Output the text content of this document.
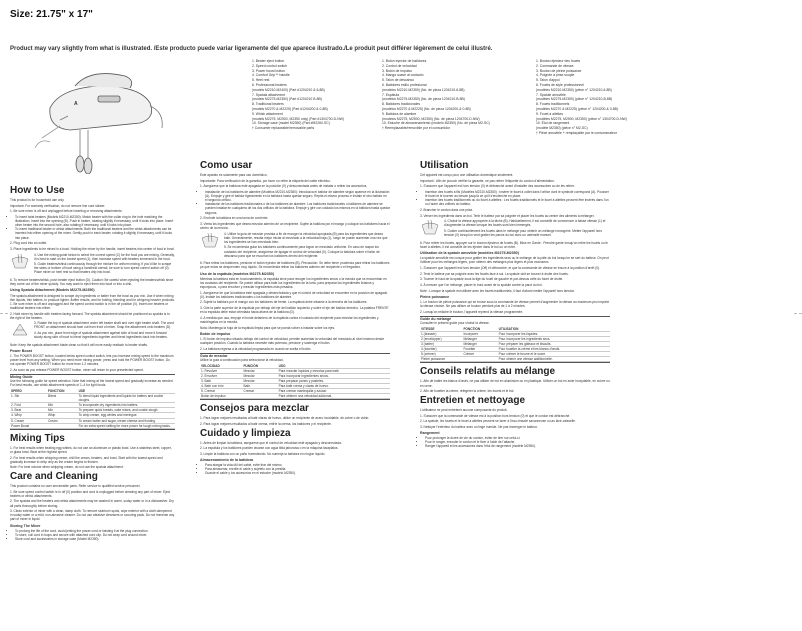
Size: 21.75" x 17"
Product may vary slightly from what is illustrated. /Este producto puede variar ligeramente del que aparece ilustrado./Le produit peut différer légèrement de celui illustré.
1. Beater eject button
2. Speed control switch
3. Power boost button
4. Comfort Grip™ handle
5. Heel rest
6. Professional beaters
(models M2210-M2400) (Part #1204210 & 6-8B)
7. Spatula attachment
(models M2275-M2350) (Part #1204210 B-8B)
8. Traditional beaters
(models M2270 & M2225) (Part #1204200 & 0-8B)
9. Whisk attachment
(models M2275, M2500, M2350 only) (Part #1304700-D-NW)
10. Storage case (model M2350) (Part #M2260-SC)
† Consumer replaceable/removable parts
1. Botón eyector de batidores
2. Control de velocidad
3. Botón de impulso
4. Mango suave al contacto
5. Talón de descanso
6. Batidores estilo profesional
(modelos M2210-M2350) (No. de pieza 1204210-6-8B)
7. Espátula
(modelos M2275-M2350) (No. de pieza 1204210-B-8B)
8. Batidores tradicionales
(modelos M2270 & M2225) (No. de pieza 1204200-& 0-8B)
9. Batidora de alambre
(modelos M2275, M2500, M2350) (No. de pieza 1204700-D-NW)
10. Estuche de almacenamiento (modelo M2350) (No. de pieza M2-SC)
† Reemplazable/removible por el consumidor
1. Bouton éjecteur des fouets
2. Commande de vitesse
3. Bouton de pleine puissance
4. Poignée à prise souple
5. Talon d'appui
6. Fouets de style professionnel
(modèles M2210-M2350) (pièce n° 1204210-6-8B)
7. Spatule amovible
(modèles M2275-M2350) (pièce n° 1204210-B-8B)
8. Fouets traditionnels
(modèles M2270 & M2225) (pièce n° 1204200-& 0-8B)
9. Fouet à ailettes
(modèles M2275, M2500, M2350) (pièce n° 1304700-D-NW)
10. Étui de rangement
(modèle M2350) (pièce n° M2-SC)
† Pièce amovible + remplaçable par le consommateur
A
How to Use

This product is for household use only.

Important: For warranty verification, do not remove line cord sticker.

1. Be sure mixer is off and unplugged before inserting or removing attachments.

• To insert twist beaters (Models M2210-M2350): Match beater with the collar ring to the hole matching the illustration. Insert into the opening (B). Push in beater, rotating slightly if necessary, until it locks into place. Insert other beater into the second hole, also rotating if necessary, until it locks into place.
• To insert traditional beater or whisk attachments: Both the traditional beaters and the whisk attachments can be inserted into either opening of the mixer. Gently push in each beater, rotating it slightly if necessary, until it locks into place.

2. Plug cord into an outlet.

3. Place ingredients to be mixed in a bowl. Holding the mixer by the handle, insert beaters into center of food in bowl.

4. Use the mixing guide below to select the correct speed (C) for the food you are mixing. Generally, it is best to start on the lowest speed (1), then increase speed with beaters immersed in the food.

5. Guide beaters/whisk continuously through the mixture for uniform mixing. If you'd like to scrape the sides or bottom of bowl using a handheld utensil, be sure to turn speed control switch off (0). Place mixer on heel rest so that beaters drip into bowl.

6. To remove beaters/whisk, push beater eject button (D). Caution: Be careful when ejecting the beaters/whisk since they come out of the mixer quickly. You may want to eject them into bowl or into a sink.

Using Spatula Attachment (Models M2275-M2350)

The spatula attachment is designed to scrape dry ingredients or batter from the bowl as you mix. Use it when mixing thin liquids, thin batters, to produce lighter, fluffier results, and for folding, blending and for whipping heavier products. 1. Be sure mixer is off and unplugged and the speed control switch is in the off position (0). Insert one beaters or traditional beaters into either.

2. Hold mixer by handle with beaters facing forward. The spatula attachment should be positioned so spatula is to the right of the beaters.

3. Rotate the top of spatula attachment under left beater shaft and over right beater shaft. The word FRONT on attachment should face out from front of mixer. Snap the attachment onto beaters (D).

4. As you mix, place front edge of spatula attachment against side of bowl and move it forward slowly along side of bowl to blend ingredients together and blend ingredients back into beaters.

Note: Keep the spatula attachment blade clean so that it will more easily reattach to beater shafts.

Power Boost

1. The POWER BOOST button, located below speed control switch, lets you increase mixing speed to the maximum power level from any setting. When you need more mixing power, press and hold the POWER BOOST button. Do not operate POWER BOOST button for more than 1-2 minutes.

2. As soon as you release POWER BOOST button, mixer will return to your preselected speed.

Mixing Guide

Use the following guide for speed selection. Note that mixing at the lowest speed and gradually increase as needed. For best results, use whisk attachment speeds of 1–4 for light foods.

SPEED	FUNCTION	USE
1. Stir	Blend	To blend liquid ingredients and liquids for batters and cookie doughs.
2. Fold	Mix	To incorporate dry ingredients into batters.
3. Beat	Mix	To prepare quick breads, cake mixes, and cookie dough.
4. Whip	Whip	To whip cream, egg whites and meringue.
5. Cream	Cream	To cream butter and sugar, cream cheese and frosting.
Power Boost	For an extra speed setting for more power for tough mixing tasks.
Mixing Tips

1. For best results when beating egg whites, do not use an aluminum or plastic bowl. Use a stainless steel, copper, or glass bowl. Beat at the highest speed.

2. For best results when whipping cream, chill the cream, beaters, and bowl. Start with the lowest speed and gradually increase to whip only as the cream begins to thicken.

Note: For best volume when whipping cream, do not use the spatula attachment.

Care and Cleaning

This product contains no user serviceable parts. Refer service to qualified service personnel.

1. Be sure speed control switch is in off (0) position and cord is unplugged before cleaning any part of mixer. Eject beaters or whisk attachments.

2. The spatula and the beaters and whisk attachments may be washed in warm, sudsy water or in a dishwasher. Dry all parts thoroughly before storing.

3. Clean exterior of mixer with a clean, damp cloth. To remove stubborn spots, wipe exterior with a cloth dampened in sudsy water or a mild, non-abrasive cleaner. Do not use abrasive cleansers or scouring pads. Do not immerse any part of mixer in liquid.

Storing The Mixer
• To prolong the life of the cord, avoid jerking the power cord or twisting it at the plug connection.
• To store, coil cord in loops and secure with attached cord clip. Do not wrap cord around mixer.
• Store cord and accessories in storage case (Model M2350).
Como usar

Este aparato es solamente para uso doméstico.

Importante: Para verificación de la garantía, por favor no retire la etiqueta del cable eléctrico.

1. Asegúrese que la batidora esté apagada en la posición (0) y desconectada antes de instalar o retirar los accesorios.

• Instalación de los batidores de alambre (Modelos M2210-M2350): Introduzca el batidor de alambre según aparece en la ilustración (A). Empuje y gire el batidor ligeramente en la batidora hasta quedar seguro. Repita el mismo proceso e instale el otro batidor en el segundo orificio.
• Instalación de los batidores tradicionales o de los batidores de alambre: Los batidores tradicionales o batidores de alambre se pueden instalar en cualquiera de los dos orificios de la batidora. Empuje y gire con cuidado los mismos en la batidora hasta quedar seguros.

2. Enchufe la batidora en una toma de corriente.

3. Vierta los ingredientes que desea mezclar adentro de un recipiente. Sujete la batidora por el mango y coloque los batidores hacia el centro de la mezcla.

4. Utilice la guía de mezclar provista a fin de escoger la velocidad apropiada (B) para los ingredientes que desea batir. Generalmente, resulta mejor iniciar al mezclado a la velocidad baja (1), luego se puede aumentar una vez que los ingredientes se han mezclado bien.

5. Se recomienda guiar los batidores continuamente para lograr un mezclado uniforme. En caso de raspar los costados del recipiente, asegúrese de apagar el control de velocidad (0). Coloque la batidora sobre el talón de descanso para que se escurran los batidores dentro del recipiente.

6. Para retirar los batidores, presione el botón eyector de batidores (B). Precaución: Se debe tener prudencia para retirar los batidores ya que estos se desprenden muy rápido. Se recomienda retirar los batidores adentro del recipiente o el fregadero.

Uso de la espátula (modelos M2275-M2350)

Mientras la batidora está en funcionamiento, la espátula sirve para recoger los ingredientes secos o la mezcla que se encuentran en los costados del recipiente. Se puede utilizar para batir los ingredientes de la torta, para preparar los ingredientes livianos y esponjosos, o para envolver y mezclar ingredientes más pesados.

1. Asegúrese de que la batidora esté apagada y desenchufada y que el control de velocidad se encuentre en la posición de apagado (0). Instale los batidores tradicionales o los batidores de alambre.

2. Sujete la batidora por el mango con los batidores de frente. La espátula debe situarse a la derecha de los batidores.

3. Gire la parte superior de la espátula por debajo del eje del batidor izquierdo y sobre el eje del batidor derecho. La palabra FRENTE en la espátula debe estar orientada hacia afuera de la batidora (D).

4. A medida que usa, empuje el borde delantero de la espátula contra el costado del recipiente para mezclar los ingredientes y manténgalos en la mezcla.

Nota: Mantenga la hoja de la espátula limpia para que se pueda volver a instalar sobre los ejes.

Botón de impulso

1. El botón de impulso situado debajo del control de velocidad, permite aumentar la velocidad del mezclado al nivel máximo desde cualquier posición. Cuando la batidora necesite más potencia, presione y sostenga el botón.

2. La batidora regresa a la velocidad programada en cuanto se suelta el botón.

Guía de mezclar

Utilice la guía a continuación para seleccionar la velocidad.

VELOCIDAD	FUNCIÓN	USO
1. Revolver	Mezclar	Para mezclar líquidos y mezclas para batir.
2. Envolver	Mezclar	Para incorporar ingredientes secos.
3. Batir	Mezclar	Para preparar panes y pasteles.
4. Batir con brío	Batir	Para batir crema y claras de huevo.
5. Cremar	Cremar	Para cremar mantequilla y azúcar.
Botón de impulso	Para obtener una velocidad adicional.
Consejos para mezclar

1. Para lograr mejores resultados al batir claras de huevo, utilice un recipiente de acero inoxidable, de cobre o de vidrio.

2. Para lograr mejores resultados al batir crema, enfríe la crema, los batidores y el recipiente.

Cuidado y limpieza

1. Antes de limpiar la batidora, asegúrese que el control de velocidad esté apagado y desconectada.

2. La espátula y los batidores pueden lavarse con agua tibia jabonosa o en la máquina lavaplatos.

3. Limpie la batidora con un paño humedecido. No sumerja la batidora en ningún líquido.

Almacenamiento de la batidora
• Para alargar la vida útil del cable, evite tirar del mismo.
• Para almacenar, enrolle el cable y sujételo con la presilla.
• Guarde el cable y los accesorios en el estuche (modelo M2350).
Utilisation

Cet appareil est conçu pour une utilisation domestique seulement.

Important : Afin de pouvoir vérifier la garantie, ne pas retirer l'étiquette du cordon d'alimentation.

1. S'assurer que l'appareil est hors tension (0) et débranché avant d'installer des accessoires ou de les retirer.

• Insertion des fouets à fils (Modèles M2210-M2350) : Insérer le fouet à collet dans l'orifice dont le symbole correspond (A). Pousser le fouet et le tourner au besoin jusqu'à ce qu'il s'enclenche en place.
• Insertion des fouets traditionnels ou du fouet à ailettes : Les fouets traditionnels et le fouet à ailettes peuvent être insérés dans l'un ou l'autre des orifices du batteur.

2. Brancher le cordon dans une prise.

3. Verser les ingrédients dans un bol. Tenir le batteur par sa poignée et placer les fouets au centre des aliments à mélanger.

4. Choisir la vitesse appropriée à la tâche (B). Habituellement, il est conseillé de commencer à basse vitesse (1) et d'augmenter la vitesse lorsque les fouets sont bien immergés.

5. Guider continuellement les fouets dans le mélange pour obtenir un mélange homogène. Mettre l'appareil hors tension (0) lorsqu'on veut gratter les parois du bol avec un ustensile manuel.

6. Pour retirer les fouets, appuyer sur le bouton éjecteur de fouets (B). Mise en Garde : Prendre garde lorsqu'on retire les fouets ou le fouet à ailettes, il est conseillé de les éjecter dans le bol ou un évier.

Utilisation de la spatule amovible (modèles M2275-M2350)

La spatule amovible est conçue pour gratter les ingrédients secs ou le mélange de la pâte du bol lorsqu'on se sert du batteur. On peut l'utiliser pour les mélanges légers, pour obtenir des mélanges plus légers et plus mousseux.

1. S'assurer que l'appareil est hors tension (Off) et débranché, et que la commande de vitesse se trouve à la position d'arrêt (0).

2. Tenir le batteur par sa poignée avec les fouets face à soi. La spatule doit se trouver à droite des fouets.

3. Tourner le haut de la spatule sous la tige du fouet de gauche et par-dessus celle du fouet de droite.

4. À mesure que l'on mélange, placer le bord avant de la spatule contre la paroi du bol.

Note : Lorsque la spatule est utilisée avec les fouets traditionnels, il faut d'abord mettre l'appareil hors tension.

Pleine puissance

1. Le bouton de pleine puissance qui se trouve sous la commande de vitesse permet d'augmenter la vitesse au maximum peu importe la vitesse choisie. Ne pas utiliser ce bouton pendant plus de 1 à 2 minutes.

2. Lorsqu'on relâche le bouton, l'appareil reprend la vitesse programmée.

Guide du mélange

Consulter le présent guide pour choisir la vitesse.

VITESSE	FONCTION	UTILISATION
1 (brasser)	Incorporer	Pour incorporer les liquides.
2 (envelopper)	Mélanger	Pour incorporer les ingrédients secs.
3 (battre)	Mélanger	Pour préparer les gâteaux et biscuits.
4 (fouetter)	Fouetter	Pour fouetter la crème et les blancs d'œufs.
5 (crémer)	Crémer	Pour crémer le beurre et le sucre.
Pleine puissance	Pour obtenir une vitesse additionnelle.
Conseils relatifs au mélange

1. Afin de battre les blancs d'œufs, ne pas utiliser de bol en aluminium ou en plastique. Utiliser un bol en acier inoxydable, en cuivre ou en verre.

2. Afin de fouetter la crème, réfrigérer la crème, les fouets et le bol.

Entretien et nettoyage

L'utilisateur ne peut entretenir aucune composante du produit.

1. S'assurer que la commande de vitesse est à la position hors tension (0) et que le cordon est débranché.

2. La spatule, les fouets et le fouet à ailettes peuvent se laver à l'eau chaude savonneuse ou au lave-vaisselle.

3. Nettoyer l'extérieur du batteur avec un linge humide. Ne pas immerger le batteur.

Rangement
• Pour prolonger la durée de vie du cordon, éviter de tirer sur celui-ci.
• Pour le ranger, enrouler le cordon et le fixer à l'aide de l'attache.
• Ranger l'appareil et les accessoires dans l'étui de rangement (modèle M2350).
